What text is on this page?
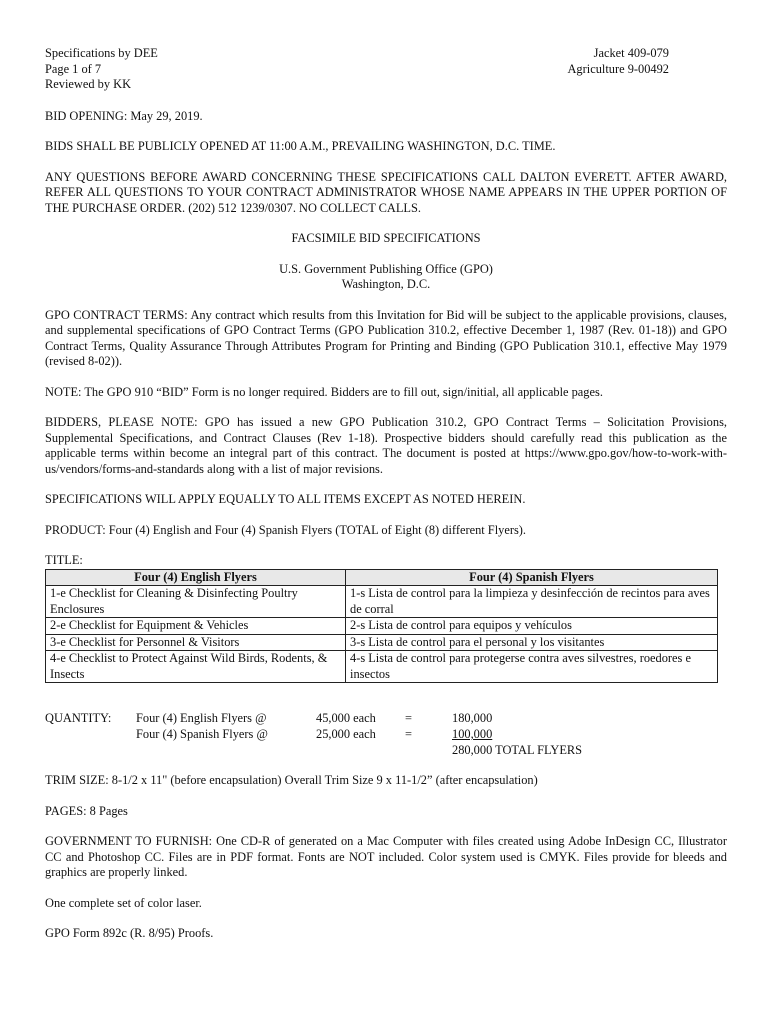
Specifications by DEE
Page 1 of 7
Reviewed by KK
Jacket 409-079
Agriculture 9-00492

BID OPENING: May 29, 2019.

BIDS SHALL BE PUBLICLY OPENED AT 11:00 A.M., PREVAILING WASHINGTON, D.C. TIME.

ANY QUESTIONS BEFORE AWARD CONCERNING THESE SPECIFICATIONS CALL DALTON EVERETT. AFTER AWARD, REFER ALL QUESTIONS TO YOUR CONTRACT ADMINISTRATOR WHOSE NAME APPEARS IN THE UPPER PORTION OF THE PURCHASE ORDER. (202) 512 1239/0307. NO COLLECT CALLS.

FACSIMILE BID SPECIFICATIONS

U.S. Government Publishing Office (GPO)
Washington, D.C.

GPO CONTRACT TERMS: Any contract which results from this Invitation for Bid will be subject to the applicable provisions, clauses, and supplemental specifications of GPO Contract Terms (GPO Publication 310.2, effective December 1, 1987 (Rev. 01-18)) and GPO Contract Terms, Quality Assurance Through Attributes Program for Printing and Binding (GPO Publication 310.1, effective May 1979 (revised 8-02)).

NOTE: The GPO 910 “BID” Form is no longer required. Bidders are to fill out, sign/initial, all applicable pages.

BIDDERS, PLEASE NOTE: GPO has issued a new GPO Publication 310.2, GPO Contract Terms – Solicitation Provisions, Supplemental Specifications, and Contract Clauses (Rev 1-18). Prospective bidders should carefully read this publication as the applicable terms within become an integral part of this contract. The document is posted at https://www.gpo.gov/how-to-work-with-us/vendors/forms-and-standards along with a list of major revisions.

SPECIFICATIONS WILL APPLY EQUALLY TO ALL ITEMS EXCEPT AS NOTED HEREIN.

PRODUCT: Four (4) English and Four (4) Spanish Flyers (TOTAL of Eight (8) different Flyers).

TITLE:

Four (4) English Flyers	Four (4) Spanish Flyers
1-e Checklist for Cleaning & Disinfecting Poultry Enclosures	1-s Lista de control para la limpieza y desinfección de recintos para aves de corral
2-e Checklist for Equipment & Vehicles	2-s Lista de control para equipos y vehículos
3-e Checklist for Personnel & Visitors	3-s Lista de control para el personal y los visitantes
4-e Checklist to Protect Against Wild Birds, Rodents, & Insects	4-s Lista de control para protegerse contra aves silvestres, roedores e insectos
QUANTITY: Four (4) English Flyers @	45,000 each =	180,000
Four (4) Spanish Flyers @	25,000 each =	100,000
280,000 TOTAL FLYERS

TRIM SIZE: 8-1/2 x 11" (before encapsulation) Overall Trim Size 9 x 11-1/2” (after encapsulation)

PAGES: 8 Pages

GOVERNMENT TO FURNISH: One CD-R of generated on a Mac Computer with files created using Adobe InDesign CC, Illustrator CC and Photoshop CC. Files are in PDF format. Fonts are NOT included. Color system used is CMYK. Files provide for bleeds and graphics are properly linked.

One complete set of color laser.

GPO Form 892c (R. 8/95) Proofs.
